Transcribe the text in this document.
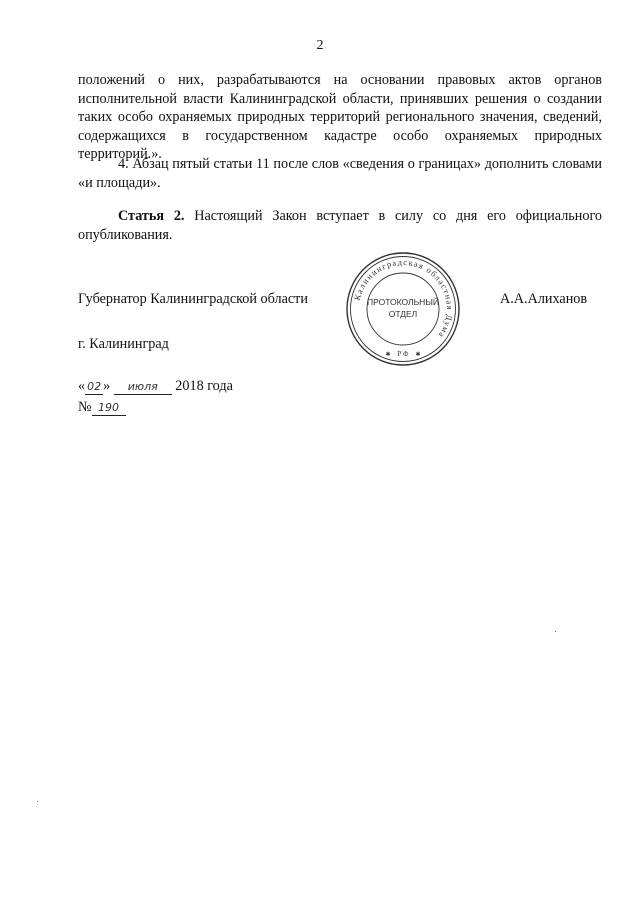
2
положений о них, разрабатываются на основании правовых актов органов исполнительной власти Калининградской области, принявших решения о создании таких особо охраняемых природных территорий регионального значения, сведений, содержащихся в государственном кадастре особо охраняемых природных территорий.».
4. Абзац пятый статьи 11 после слов «сведения о границах» дополнить словами «и площади».
Статья 2. Настоящий Закон вступает в силу со дня его официального опубликования.
Губернатор Калининградской области	А.А.Алиханов
Калининградская областная Дума
ПРОТОКОЛЬНЫЙ
ОТДЕЛ
Р Ф
✱	✱
г. Калининград
« 02 » июля 2018 года
№ 190
